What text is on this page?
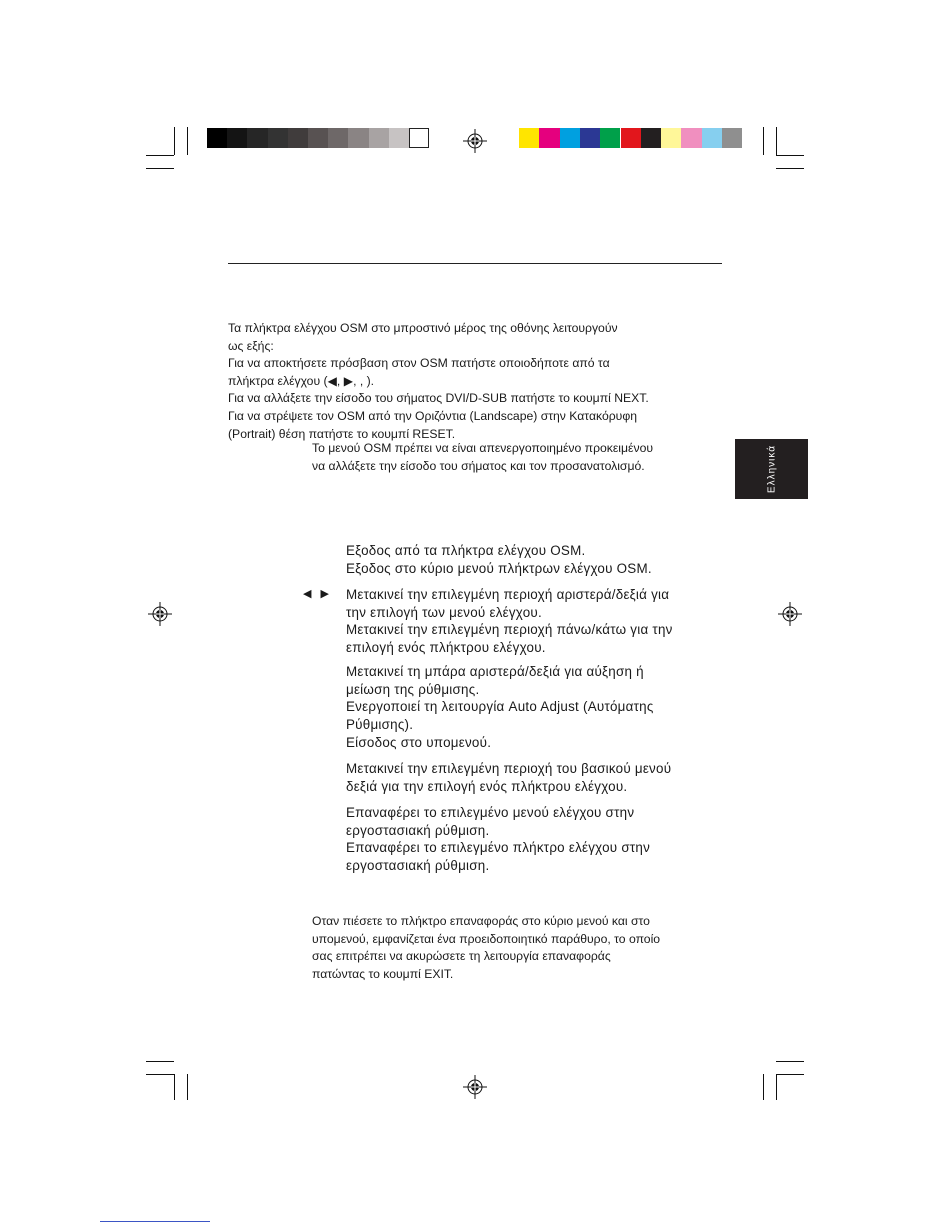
Τα πλήκτρα ελέγχου OSM στο μπροστινό μέρος της οθόνης λειτουργούν

ως εξής:

Για να αποκτήσετε πρόσβαση στον OSM πατήστε οποιοδήποτε από τα

πλήκτρα ελέγχου (◀, ▶, , ).

Για να αλλάξετε την είσοδο του σήματος DVI/D-SUB πατήστε το κουμπί NEXT.

Για να στρέψετε τον OSM από την Οριζόντια (Landscape) στην Κατακόρυφη

(Portrait) θέση πατήστε το κουμπί RESET.

Το μενού OSM πρέπει να είναι απενεργοποιημένο προκειμένου

να αλλάξετε την είσοδο του σήματος και τον προσανατολισμό.	Ελληνικά
◀ ▶

Εξοδος από τα πλήκτρα ελέγχου OSM.

Εξοδος στο κύριο μενού πλήκτρων ελέγχου OSM.

Μετακινεί την επιλεγμένη περιοχή αριστερά/δεξιά για

την επιλογή των μενού ελέγχου.

Μετακινεί την επιλεγμένη περιοχή πάνω/κάτω για την

επιλογή ενός πλήκτρου ελέγχου.

Μετακινεί τη μπάρα αριστερά/δεξιά για αύξηση ή

μείωση της ρύθμισης.

Ενεργοποιεί τη λειτουργία Auto Adjust (Αυτόματης

Ρύθμισης).

Είσοδος στο υπομενού.

Μετακινεί την επιλεγμένη περιοχή του βασικού μενού

δεξιά για την επιλογή ενός πλήκτρου ελέγχου.

Επαναφέρει το επιλεγμένο μενού ελέγχου στην

εργοστασιακή ρύθμιση.

Επαναφέρει το επιλεγμένο πλήκτρο ελέγχου στην

εργοστασιακή ρύθμιση.

Οταν πιέσετε το πλήκτρο επαναφοράς στο κύριο μενού και στο

υπομενού, εμφανίζεται ένα προειδοποιητικό παράθυρο, το οποίο

σας επιτρέπει να ακυρώσετε τη λειτουργία επαναφοράς

πατώντας το κουμπί EXIT.
